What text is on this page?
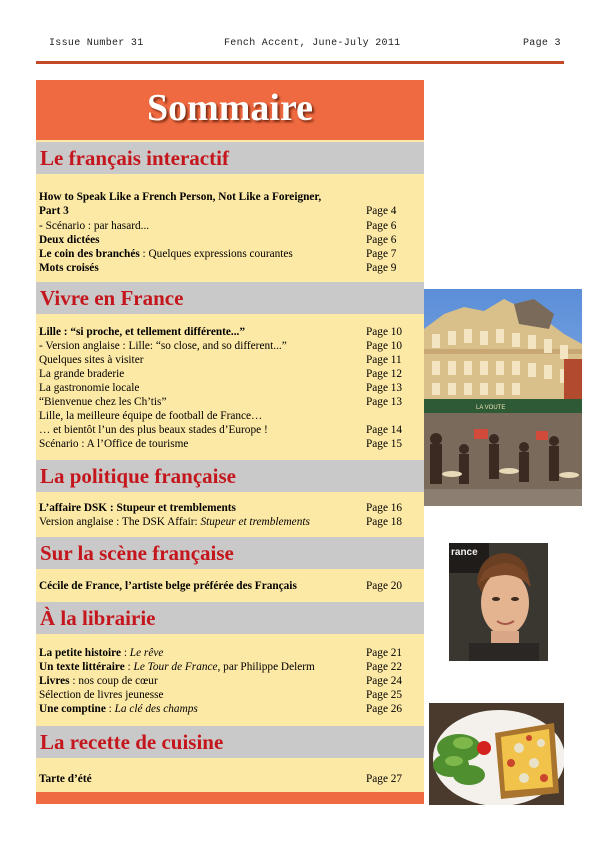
Issue Number 31	Fench Accent, June-July 2011	Page 3
Sommaire
Le français interactif
How to Speak Like a French Person, Not Like a Foreigner,
Part 3	Page 4
- Scénario : par hasard...	Page 6
Deux dictées	Page 6
Le coin des branchés : Quelques expressions courantes	Page 7
Mots croisés	Page 9
Vivre en France
Lille : “si proche, et tellement différente...”	Page 10
- Version anglaise : Lille: “so close, and so different...”	Page 10
Quelques sites à visiter	Page 11
La grande braderie	Page 12
La gastronomie locale	Page 13
“Bienvenue chez les Ch’tis”	Page 13
Lille, la meilleure équipe de football de France…
… et bientôt l’un des plus beaux stades d’Europe !	Page 14
Scénario : A l’Office de tourisme	Page 15
La politique française
L’affaire DSK : Stupeur et tremblements	Page 16
Version anglaise : The DSK Affair: Stupeur et tremblements	Page 18
Sur la scène française
Cécile de France, l’artiste belge préférée des Français	Page 20
À la librairie
La petite histoire : Le rêve	Page 21
Un texte littéraire : Le Tour de France, par Philippe Delerm	Page 22
Livres : nos coup de cœur	Page 24
Sélection de livres jeunesse	Page 25
Une comptine : La clé des champs	Page 26
La recette de cuisine
Tarte d’été	Page 27
LA VOUTE
rance
